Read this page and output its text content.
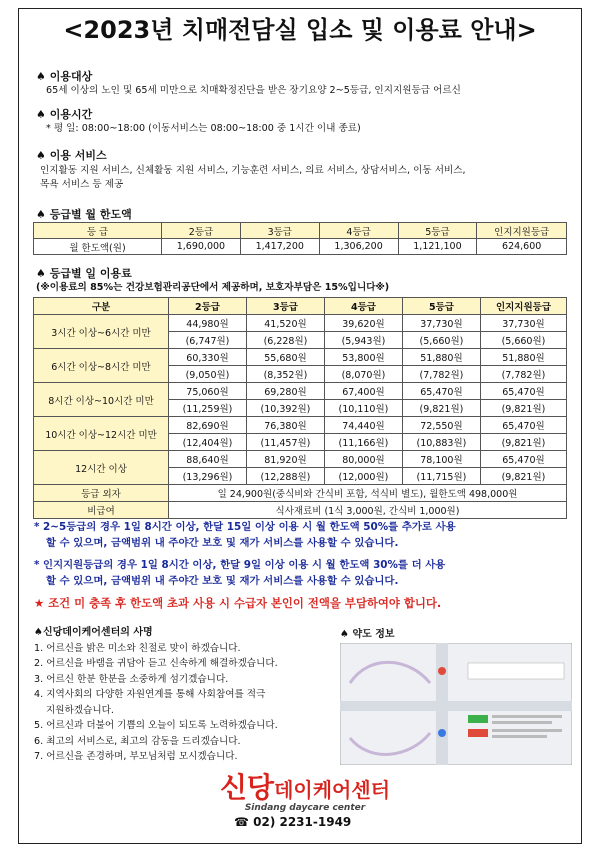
<2023년 치매전담실 입소 및 이용료 안내>
♠ 이용대상
65세 이상의 노인 및 65세 미만으로 치매확정진단을 받은 장기요양 2~5등급, 인지지원등급 어르신
♠ 이용시간
* 평 일: 08:00~18:00 (이동서비스는 08:00~18:00 중 1시간 이내 종료)
♠ 이용 서비스
인지활동 지원 서비스, 신체활동 지원 서비스, 기능훈련 서비스, 의료 서비스, 상담서비스, 이동 서비스,
목욕 서비스 등 제공
♠ 등급별 월 한도액
등 급	2등급	3등급	4등급	5등급	인지지원등급
월 한도액(원)	1,690,000	1,417,200	1,306,200	1,121,100	624,600
♠ 등급별 일 이용료
(※이용료의 85%는 건강보험관리공단에서 제공하며, 보호자부담은 15%입니다※)
구분	2등급	3등급	4등급	5등급	인지지원등급
3시간 이상~6시간 미만	44,980원	41,520원	39,620원	37,730원	37,730원
	(6,747원)	(6,228원)	(5,943원)	(5,660원)	(5,660원)
6시간 이상~8시간 미만	60,330원	55,680원	53,800원	51,880원	51,880원
	(9,050원)	(8,352원)	(8,070원)	(7,782원)	(7,782원)
8시간 이상~10시간 미만	75,060원	69,280원	67,400원	65,470원	65,470원
	(11,259원)	(10,392원)	(10,110원)	(9,821원)	(9,821원)
10시간 이상~12시간 미만	82,690원	76,380원	74,440원	72,550원	65,470원
	(12,404원)	(11,457원)	(11,166원)	(10,883원)	(9,821원)
12시간 이상	88,640원	81,920원	80,000원	78,100원	65,470원
	(13,296원)	(12,288원)	(12,000원)	(11,715원)	(9,821원)
등급 외자	일 24,900원(중식비와 간식비 포함, 석식비 별도), 월한도액 498,000원				
비급여	식사재료비 (1식 3,000원, 간식비 1,000원)				
* 2~5등급의 경우 1일 8시간 이상, 한달 15일 이상 이용 시 월 한도액 50%를 추가로 사용
할 수 있으며, 금액범위 내 주야간 보호 및 재가 서비스를 사용할 수 있습니다.
* 인지지원등급의 경우 1일 8시간 이상, 한달 9일 이상 이용 시 월 한도액 30%를 더 사용
할 수 있으며, 금액범위 내 주야간 보호 및 재가 서비스를 사용할 수 있습니다.
★ 조건 미 충족 후 한도액 초과 사용 시 수급자 본인이 전액을 부담하여야 합니다.
♠신당데이케어센터의 사명
1. 어르신을 밝은 미소와 친절로 맞이 하겠습니다.
2. 어르신을 바램을 귀담아 듣고 신속하게 해결하겠습니다.
3. 어르신 한분 한분을 소중하게 섬기겠습니다.
4. 지역사회의 다양한 자원연계를 통해 사회참여를 적극
지원하겠습니다.
5. 어르신과 더불어 기쁨의 오늘이 되도록 노력하겠습니다.
6. 최고의 서비스로, 최고의 감동을 드리겠습니다.
7. 어르신을 존경하며, 부모님처럼 모시겠습니다.
♠ 약도 정보
신당데이케어센터
Sindang daycare center
☎ 02) 2231-1949
